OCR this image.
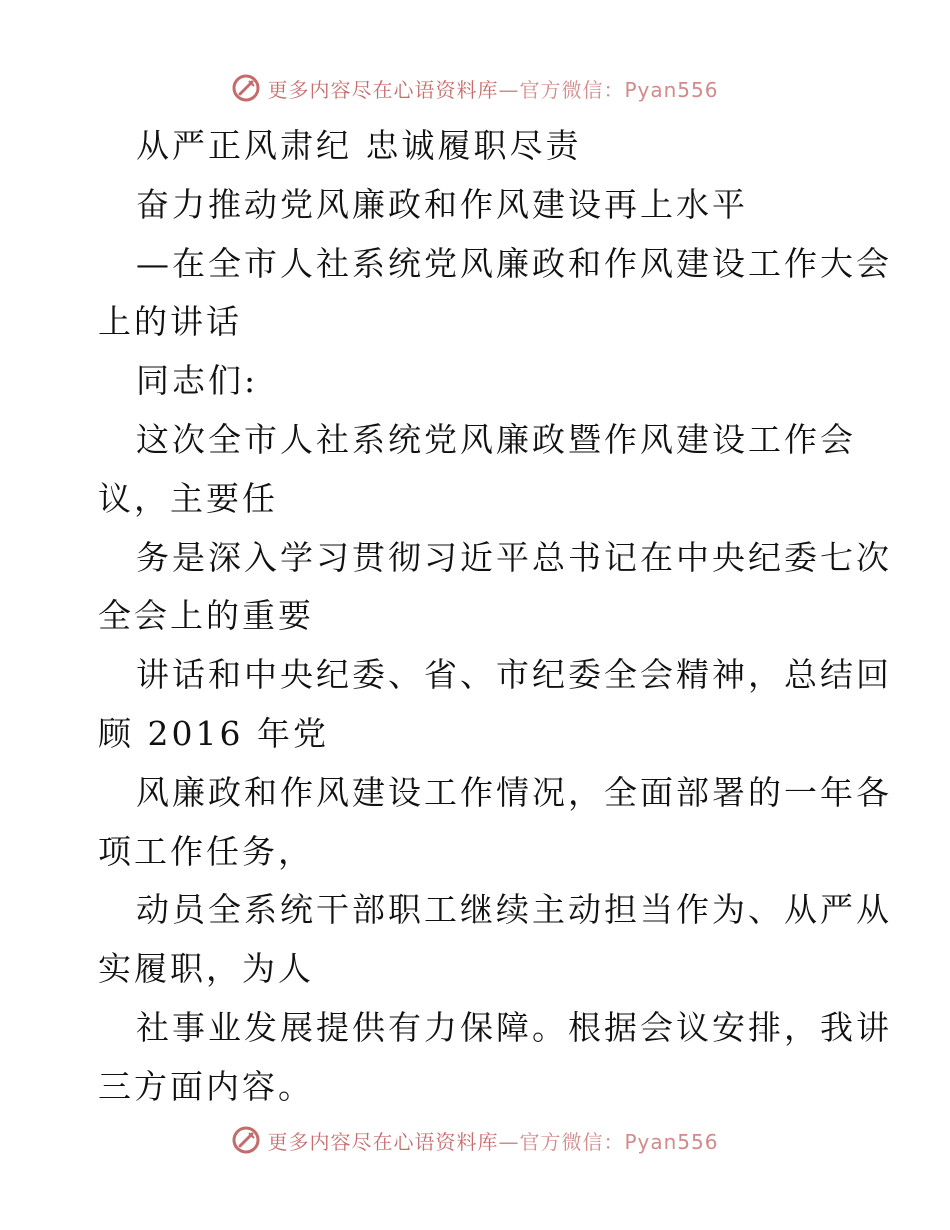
更多内容尽在心语资料库 —官方微信：Pyan556
从严正风肃纪 忠诚履职尽责
奋力推动党风廉政和作风建设再上水平
—在全市人社系统党风廉政和作风建设工作大会
上的讲话
同志们:
这次全市人社系统党风廉政暨作风建设工作会
议，主要任
务是深入学习贯彻习近平总书记在中央纪委七次
全会上的重要
讲话和中央纪委、省、市纪委全会精神，总结回
顾 2016 年党
风廉政和作风建设工作情况，全面部署的一年各
项工作任务，
动员全系统干部职工继续主动担当作为、从严从
实履职，为人
社事业发展提供有力保障。根据会议安排，我讲
三方面内容。
更多内容尽在心语资料库 —官方微信：Pyan556
